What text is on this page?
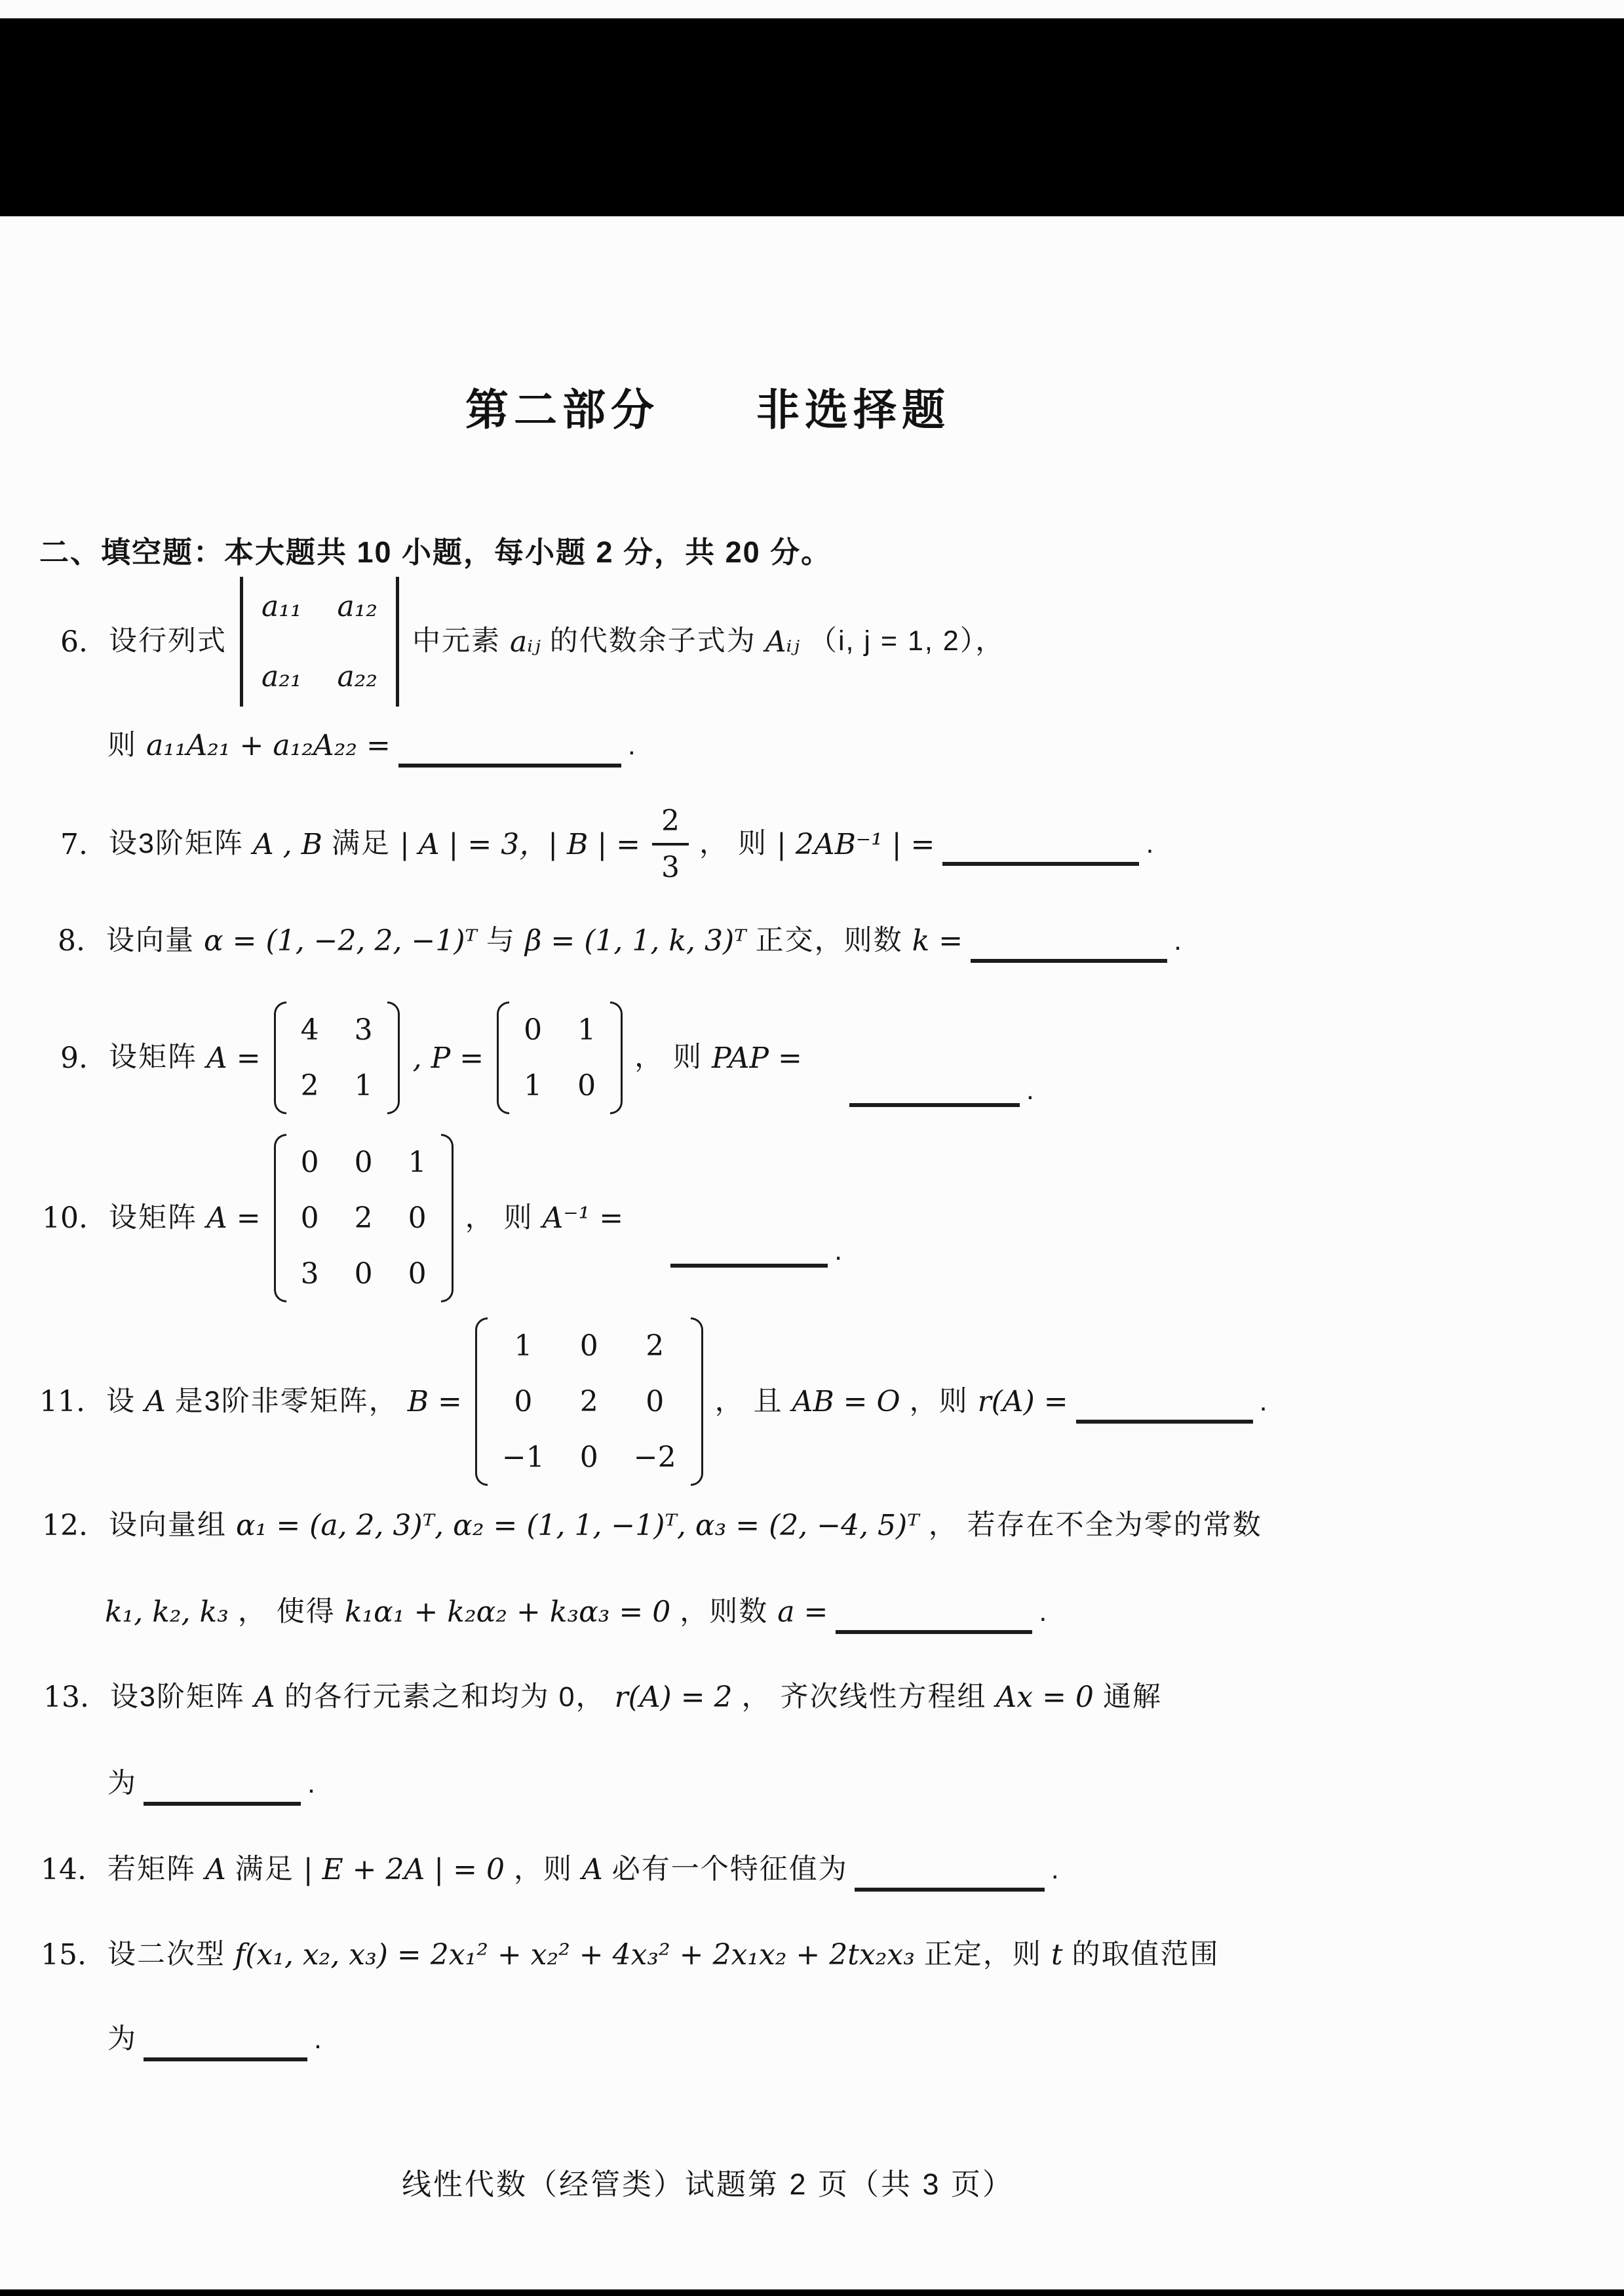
第二部分　　非选择题
二、填空题：本大题共 10 小题，每小题 2 分，共 20 分。
6. 设行列式
a₁₁ a₁₂
a₂₁ a₂₂
中元素 aᵢⱼ 的代数余子式为 Aᵢⱼ （i, j = 1, 2），
则 a₁₁A₂₁ + a₁₂A₂₂ =	.
7. 设3阶矩阵 A , B 满足 | A | = 3，| B | = $\frac{2}{3}$ ， 则 | 2AB⁻¹ | =	.
8. 设向量 α = (1, −2, 2, −1)ᵀ 与 β = (1, 1, k, 3)ᵀ 正交，则数 k =	.
9. 设矩阵 A =
4 3
2 1
, P =
0 1
1 0
， 则 PAP =
.
10. 设矩阵 A =
0 0 1
0 2 0
3 0 0
， 则 A⁻¹ =
.
11. 设 A 是3阶非零矩阵， B =
1	0	2
0	2	0
−1 0 −2
， 且 AB = O ，则 r(A) =	.
12. 设向量组 α₁ = (a, 2, 3)ᵀ, α₂ = (1, 1, −1)ᵀ, α₃ = (2, −4, 5)ᵀ ， 若存在不全为零的常数
k₁, k₂, k₃ ， 使得 k₁α₁ + k₂α₂ + k₃α₃ = 0 ，则数 a =	.
13. 设3阶矩阵 A 的各行元素之和均为 0， r(A) = 2 ， 齐次线性方程组 Ax = 0 通解
为	.
14. 若矩阵 A 满足 | E + 2A | = 0 ，则 A 必有一个特征值为	.
15. 设二次型 f(x₁, x₂, x₃) = 2x₁² + x₂² + 4x₃² + 2x₁x₂ + 2tx₂x₃ 正定，则 t 的取值范围
为	.
线性代数（经管类）试题第 2 页（共 3 页）
